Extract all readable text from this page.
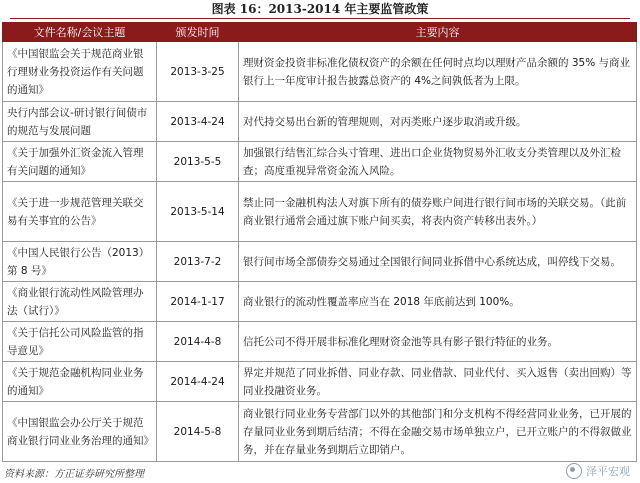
图表 16：2013-2014 年主要监管政策
文件名称/会议主题	颁发时间	主要内容
《中国银监会关于规范商业银行理财业务投资运作有关问题的通知》	2013-3-25	理财资金投资非标准化债权资产的余额在任何时点均以理财产品余额的 35% 与商业银行上一年度审计报告披露总资产的 4%之间孰低者为上限。
央行内部会议-研讨银行间债市的规范与发展问题	2013-4-24	对代持交易出台新的管理规则，对丙类账户逐步取消或升级。
《关于加强外汇资金流入管理有关问题的通知》	2013-5-5	加强银行结售汇综合头寸管理、进出口企业货物贸易外汇收支分类管理以及外汇检查；高度重视异常资金流入风险。
《关于进一步规范管理关联交易有关事宜的公告》	2013-5-14	禁止同一金融机构法人对旗下所有的债券账户间进行银行间市场的关联交易。（此前商业银行通常会通过旗下账户间买卖，将表内资产转移出表外。）
《中国人民银行公告（2013）第 8 号》	2013-7-2	银行间市场全部债券交易通过全国银行间同业拆借中心系统达成，叫停线下交易。
《商业银行流动性风险管理办法（试行）》	2014-1-17	商业银行的流动性覆盖率应当在 2018 年底前达到 100%。
《关于信托公司风险监管的指导意见》	2014-4-8	信托公司不得开展非标准化理财资金池等具有影子银行特征的业务。
《关于规范金融机构同业业务的通知》	2014-4-24	界定并规范了同业拆借、同业存款、同业借款、同业代付、买入返售（卖出回购）等同业投融资业务。
《中国银监会办公厅关于规范商业银行同业业务治理的通知》	2014-5-8	商业银行同业业务专营部门以外的其他部门和分支机构不得经营同业业务，已开展的存量同业业务到期后结清；不得在金融交易市场单独立户，已开立账户的不得叙做业务，并在存量业务到期后立即销户。
资料来源：方正证券研究所整理	泽平宏观
